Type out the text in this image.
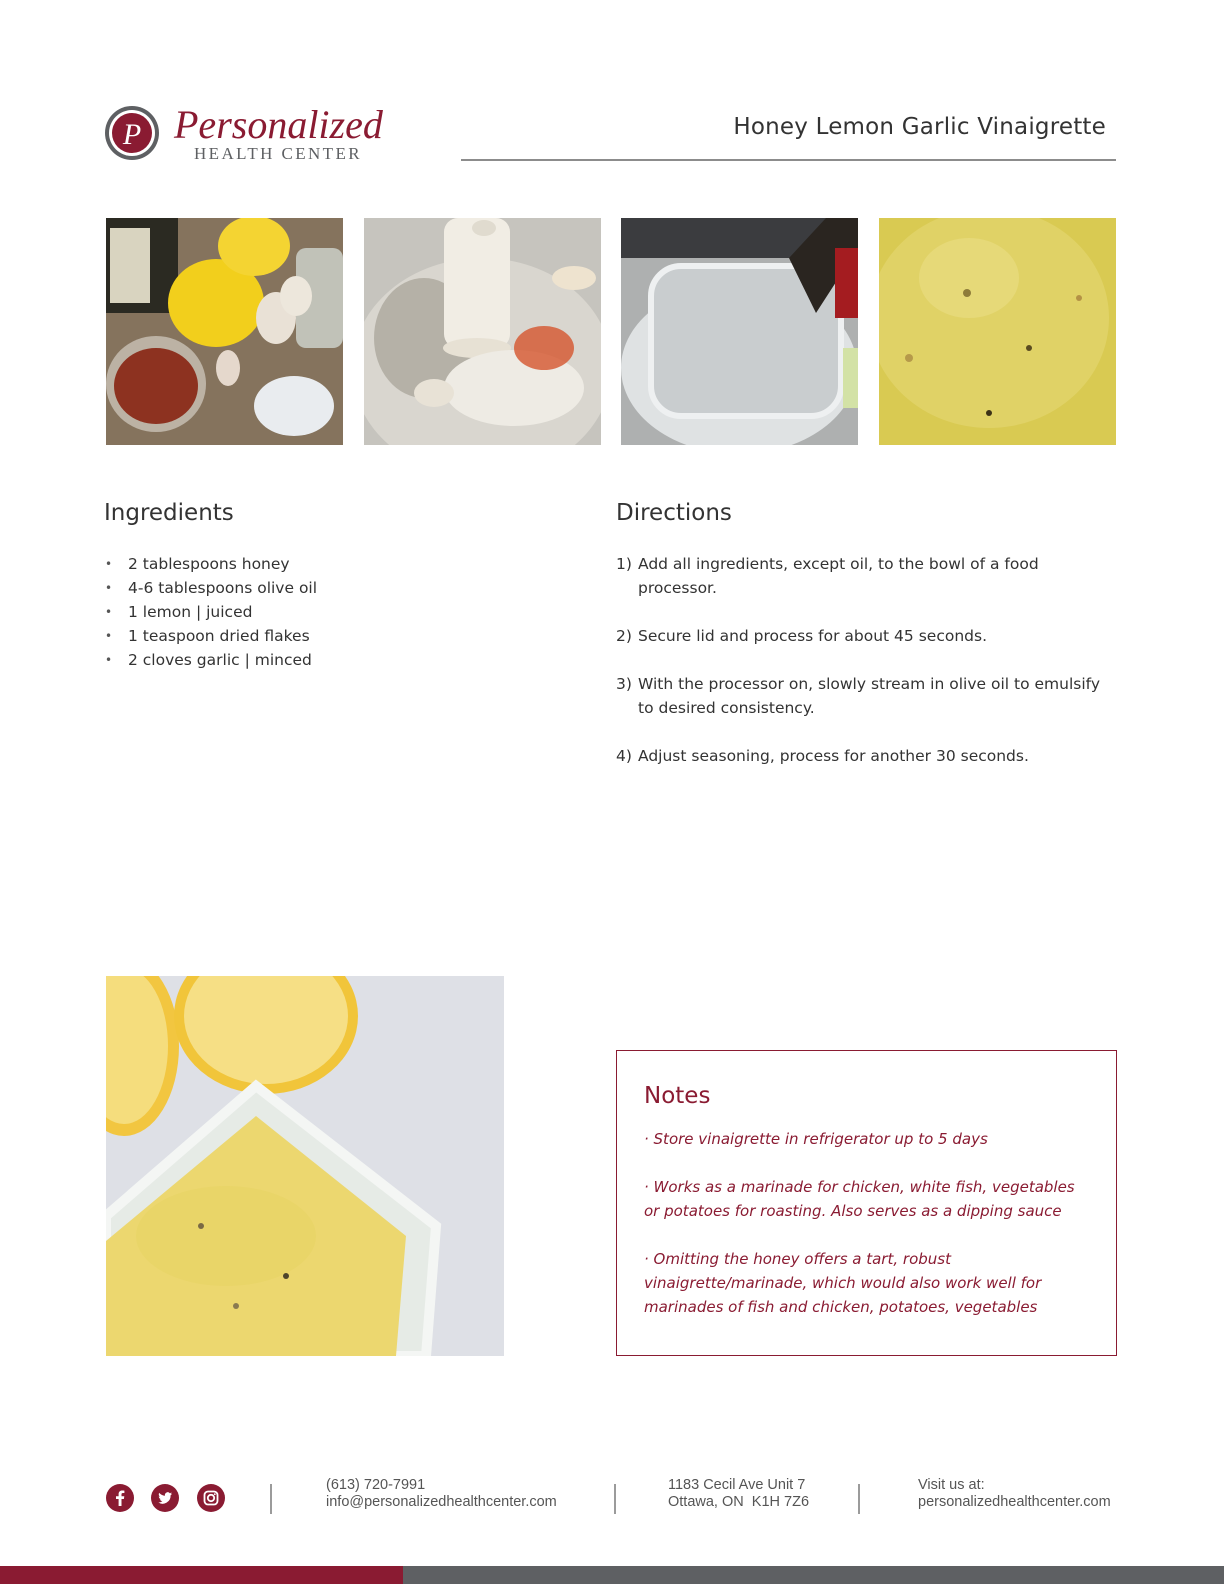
P Personalized
HEALTH CENTER
Honey Lemon Garlic Vinaigrette
Ingredients
• 2 tablespoons honey
• 4-6 tablespoons olive oil
• 1 lemon | juiced
• 1 teaspoon dried flakes
• 2 cloves garlic | minced
Directions
1) Add all ingredients, except oil, to the bowl of a food processor.
2) Secure lid and process for about 45 seconds.
3) With the processor on, slowly stream in olive oil to emulsify to desired consistency.
4) Adjust seasoning, process for another 30 seconds.
Notes

· Store vinaigrette in refrigerator up to 5 days

· Works as a marinade for chicken, white fish, vegetables or potatoes for roasting. Also serves as a dipping sauce

· Omitting the honey offers a tart, robust vinaigrette/marinade, which would also work well for marinades of fish and chicken, potatoes, vegetables

(613) 720-7991
info@personalizedhealthcenter.com
1183 Cecil Ave Unit 7
Ottawa, ON  K1H 7Z6
Visit us at:
personalizedhealthcenter.com
